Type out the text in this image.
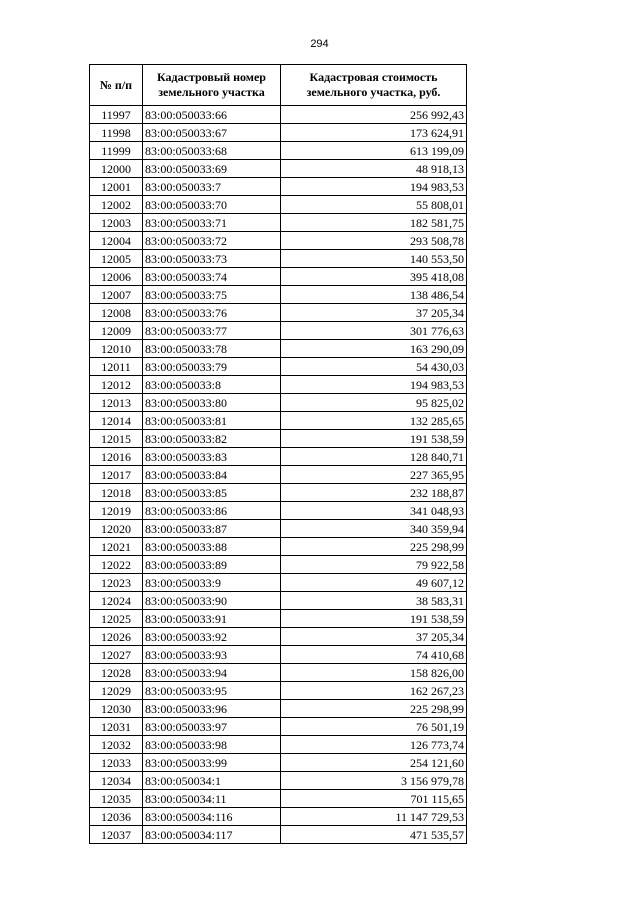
294
№ п/п	Кадастровый номер земельного участка	Кадастровая стоимость земельного участка, руб.
11997	83:00:050033:66	256 992,43
11998	83:00:050033:67	173 624,91
11999	83:00:050033:68	613 199,09
12000	83:00:050033:69	48 918,13
12001	83:00:050033:7	194 983,53
12002	83:00:050033:70	55 808,01
12003	83:00:050033:71	182 581,75
12004	83:00:050033:72	293 508,78
12005	83:00:050033:73	140 553,50
12006	83:00:050033:74	395 418,08
12007	83:00:050033:75	138 486,54
12008	83:00:050033:76	37 205,34
12009	83:00:050033:77	301 776,63
12010	83:00:050033:78	163 290,09
12011	83:00:050033:79	54 430,03
12012	83:00:050033:8	194 983,53
12013	83:00:050033:80	95 825,02
12014	83:00:050033:81	132 285,65
12015	83:00:050033:82	191 538,59
12016	83:00:050033:83	128 840,71
12017	83:00:050033:84	227 365,95
12018	83:00:050033:85	232 188,87
12019	83:00:050033:86	341 048,93
12020	83:00:050033:87	340 359,94
12021	83:00:050033:88	225 298,99
12022	83:00:050033:89	79 922,58
12023	83:00:050033:9	49 607,12
12024	83:00:050033:90	38 583,31
12025	83:00:050033:91	191 538,59
12026	83:00:050033:92	37 205,34
12027	83:00:050033:93	74 410,68
12028	83:00:050033:94	158 826,00
12029	83:00:050033:95	162 267,23
12030	83:00:050033:96	225 298,99
12031	83:00:050033:97	76 501,19
12032	83:00:050033:98	126 773,74
12033	83:00:050033:99	254 121,60
12034	83:00:050034:1	3 156 979,78
12035	83:00:050034:11	701 115,65
12036	83:00:050034:116	11 147 729,53
12037	83:00:050034:117	471 535,57
